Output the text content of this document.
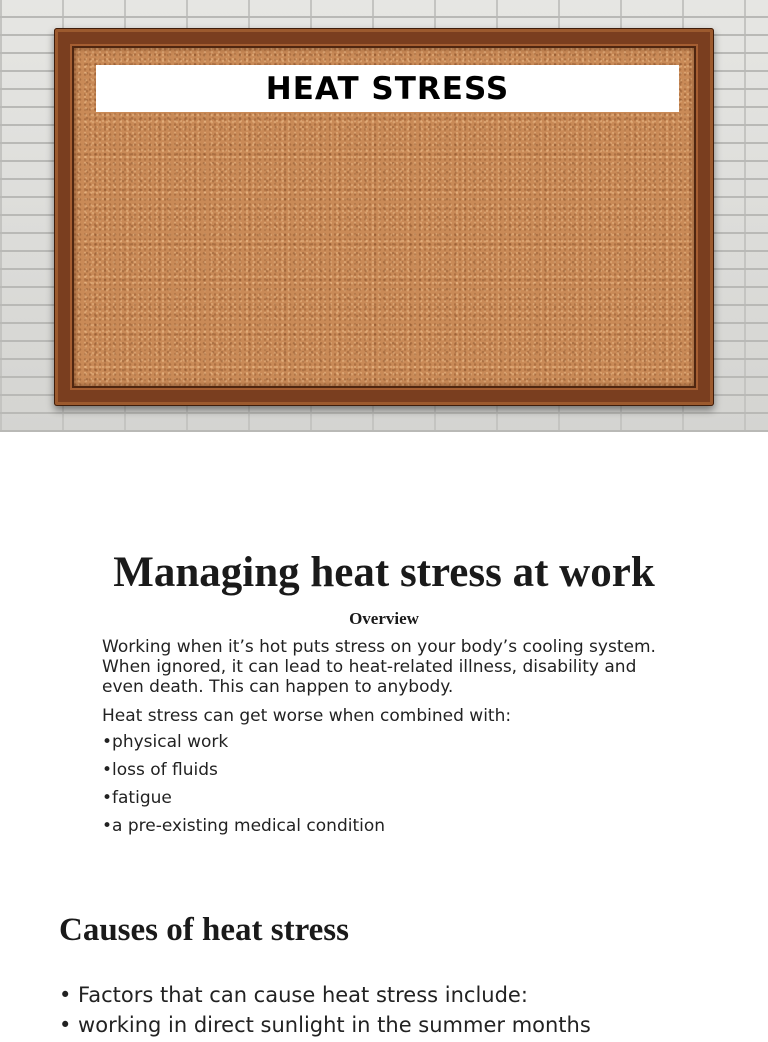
HEAT STRESS
Managing heat stress at work

Overview

Working when it’s hot puts stress on your body’s cooling system. When ignored, it can lead to heat-related illness, disability and even death. This can happen to anybody.

Heat stress can get worse when combined with:

•physical work
•loss of fluids
•fatigue
•a pre-existing medical condition
Causes of heat stress
• Factors that can cause heat stress include:
• working in direct sunlight in the summer months
